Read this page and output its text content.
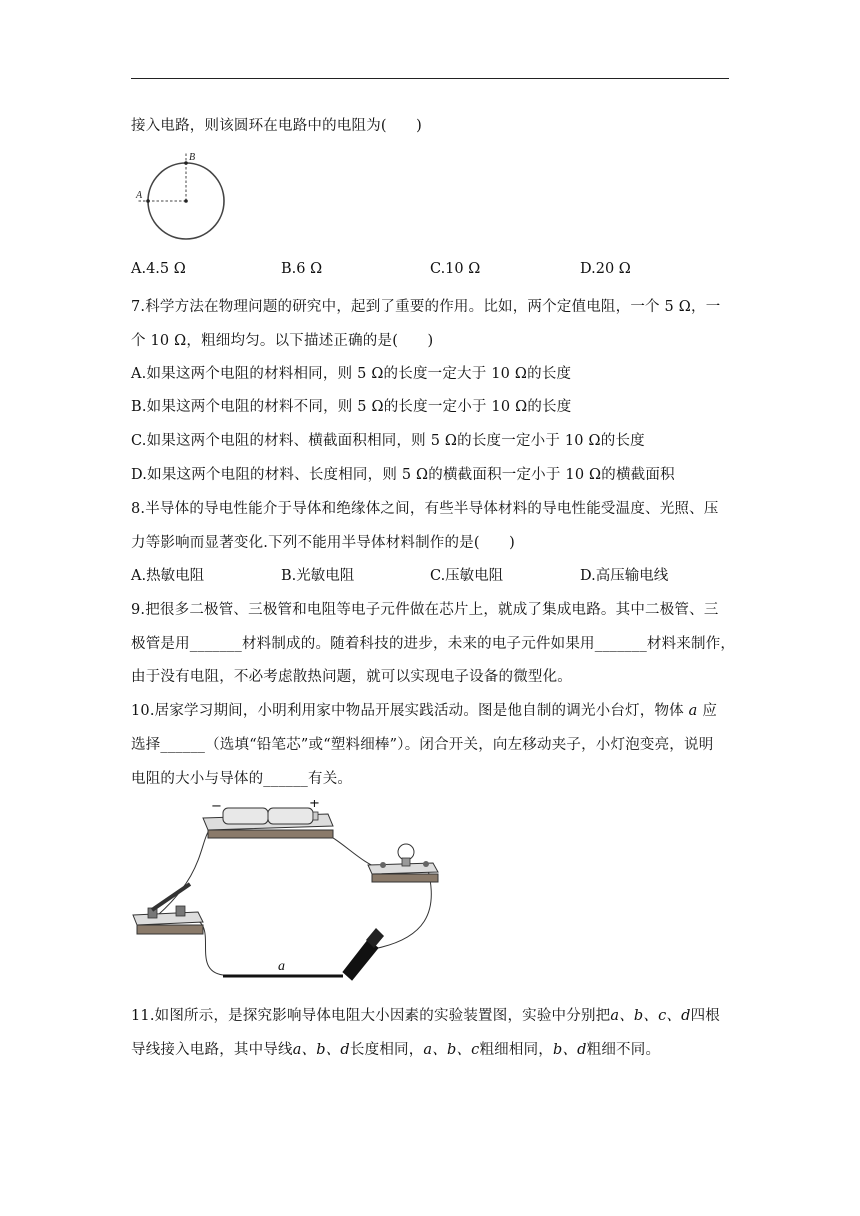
接入电路，则该圆环在电路中的电阻为(　　)
A
B
A.4.5 Ω	B.6 Ω	C.10 Ω	D.20 Ω
7.科学方法在物理问题的研究中，起到了重要的作用。比如，两个定值电阻，一个 5 Ω，一
个 10 Ω，粗细均匀。以下描述正确的是(　　)
A.如果这两个电阻的材料相同，则 5 Ω的长度一定大于 10 Ω的长度
B.如果这两个电阻的材料不同，则 5 Ω的长度一定小于 10 Ω的长度
C.如果这两个电阻的材料、横截面积相同，则 5 Ω的长度一定小于 10 Ω的长度
D.如果这两个电阻的材料、长度相同，则 5 Ω的横截面积一定小于 10 Ω的横截面积
8.半导体的导电性能介于导体和绝缘体之间，有些半导体材料的导电性能受温度、光照、压
力等影响而显著变化.下列不能用半导体材料制作的是(　　)
A.热敏电阻	B.光敏电阻	C.压敏电阻	D.高压输电线
9.把很多二极管、三极管和电阻等电子元件做在芯片上，就成了集成电路。其中二极管、三
极管是用_______材料制成的。随着科技的进步，未来的电子元件如果用_______材料来制作，
由于没有电阻，不必考虑散热问题，就可以实现电子设备的微型化。
10.居家学习期间，小明利用家中物品开展实践活动。图是他自制的调光小台灯，物体 a 应
选择______（选填“铅笔芯”或“塑料细棒”）。闭合开关，向左移动夹子，小灯泡变亮，说明
电阻的大小与导体的______有关。
−	+
a
11.如图所示，是探究影响导体电阻大小因素的实验装置图，实验中分别把a、b、c、d四根
导线接入电路，其中导线a、b、d长度相同，a、b、c粗细相同，b、d粗细不同。
